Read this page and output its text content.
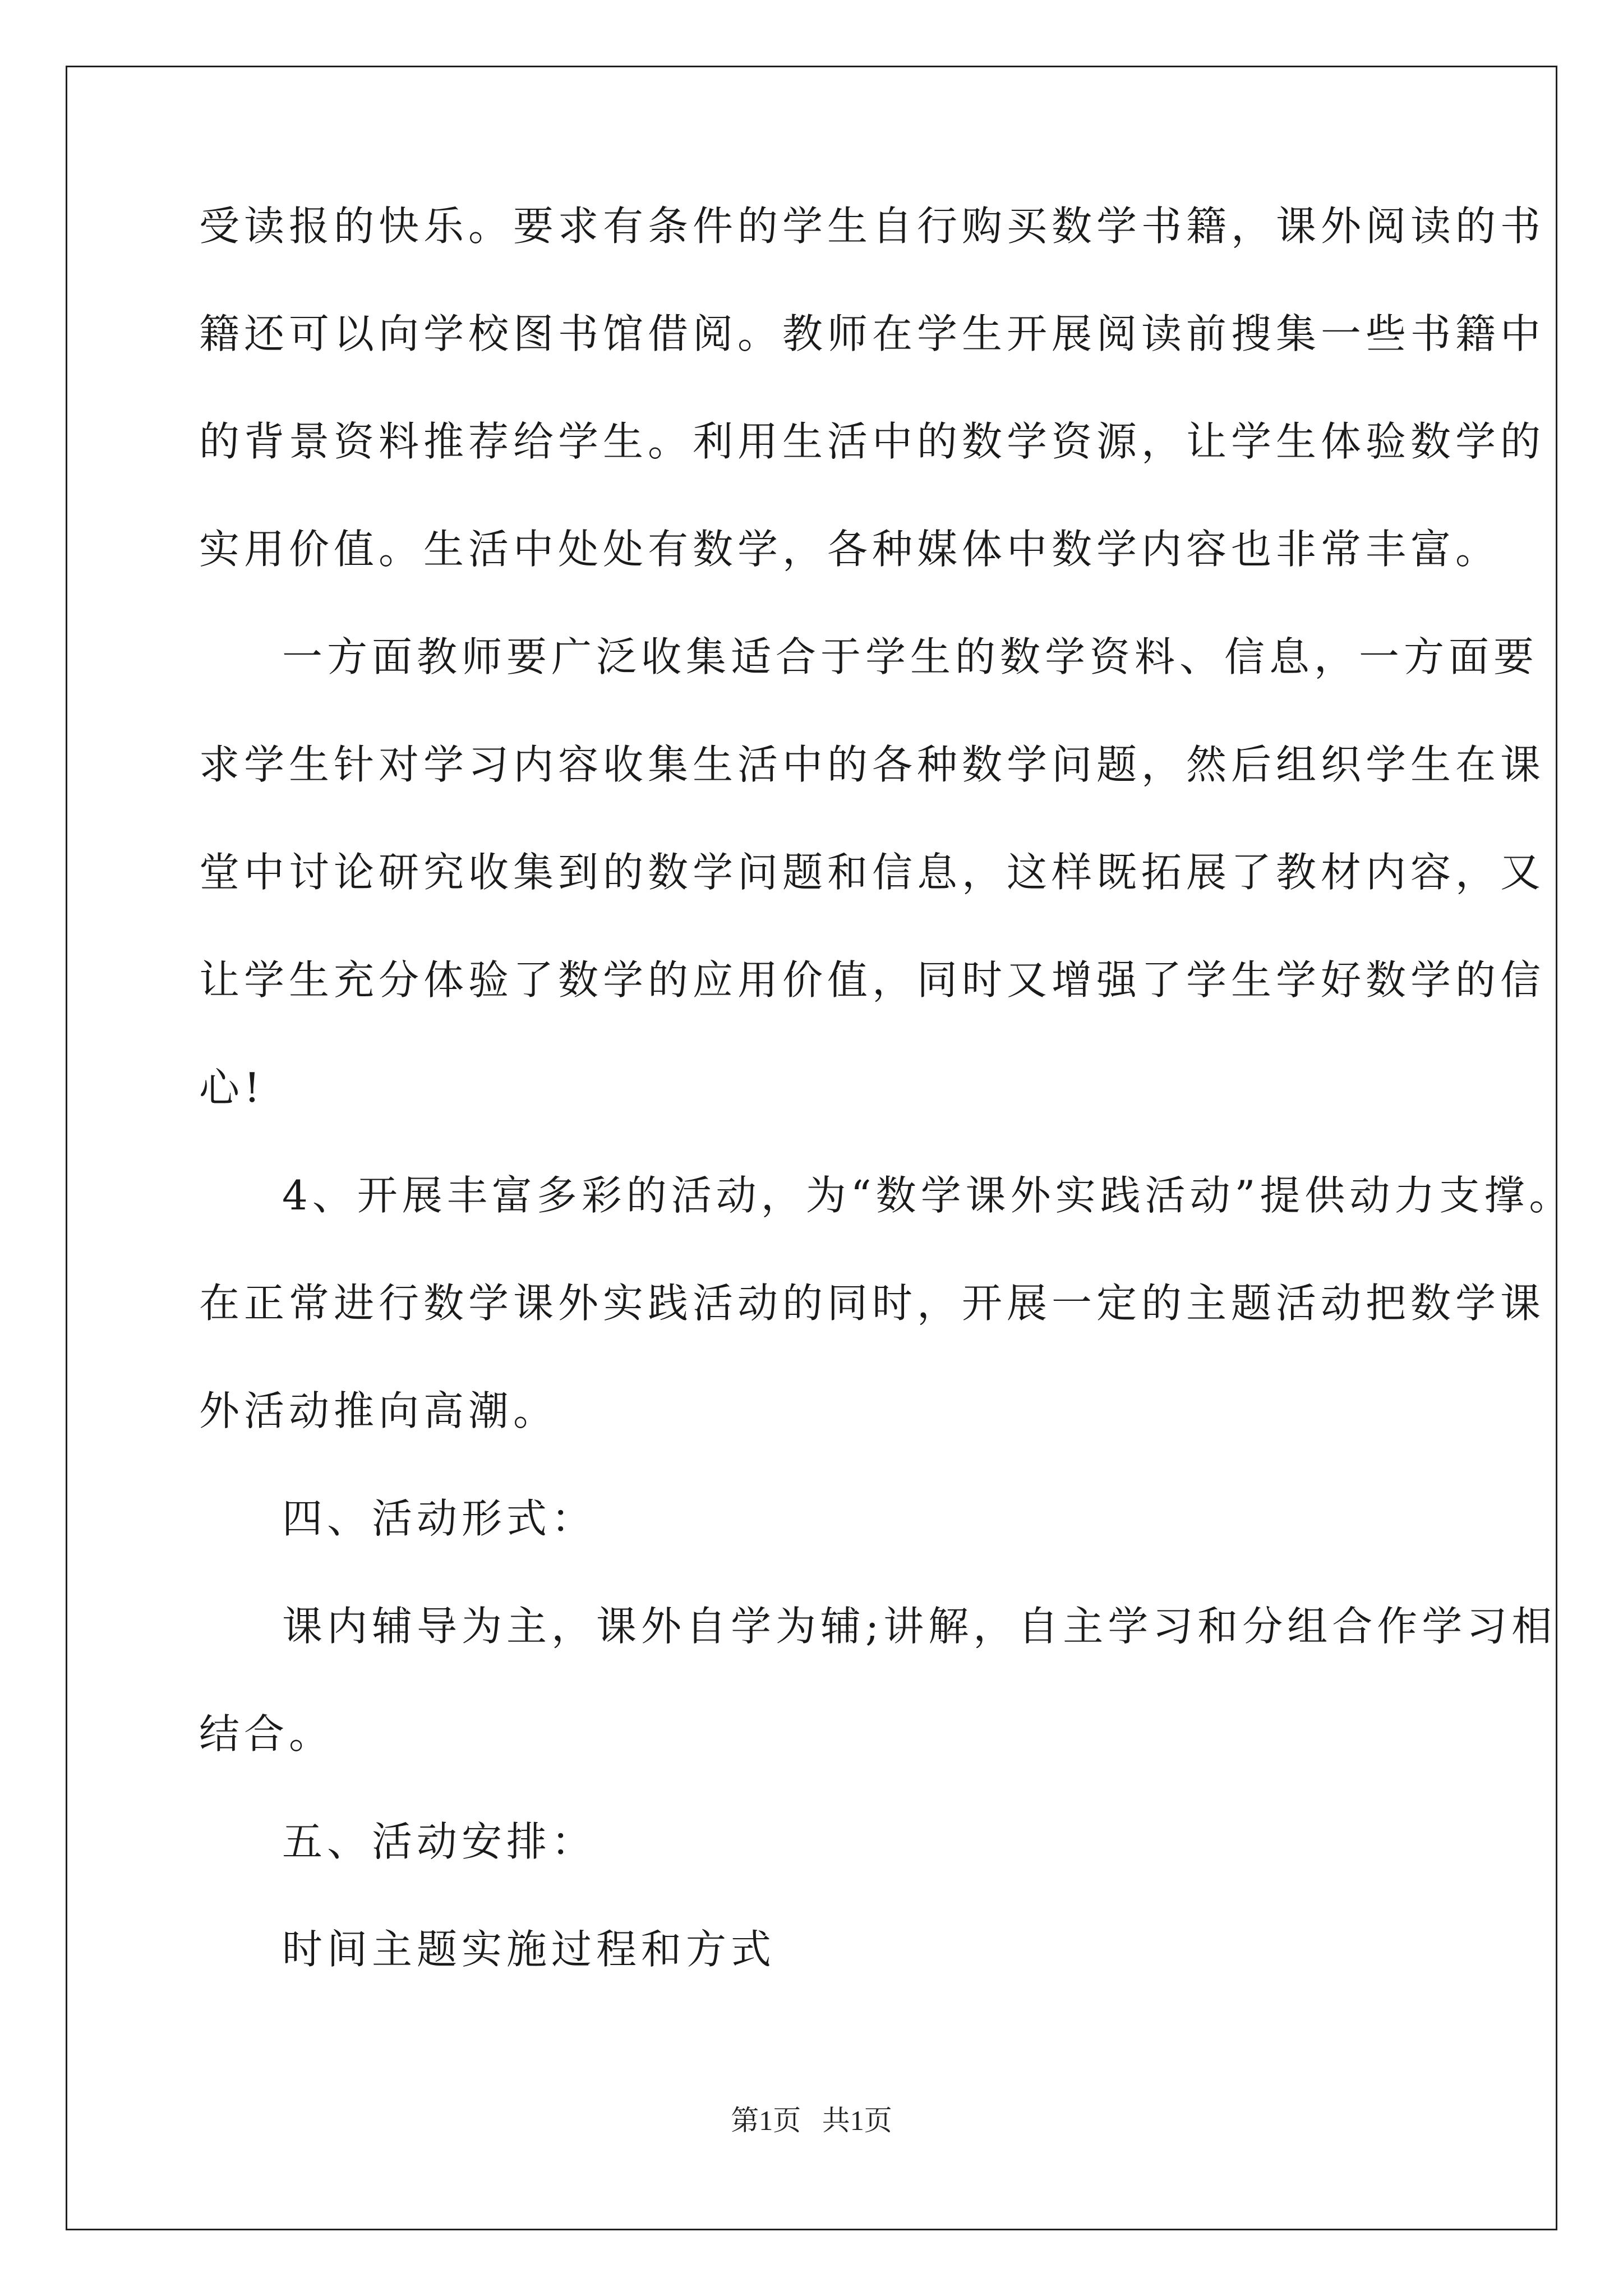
受读报的快乐。要求有条件的学生自行购买数学书籍，课外阅读的书
籍还可以向学校图书馆借阅。教师在学生开展阅读前搜集一些书籍中
的背景资料推荐给学生。利用生活中的数学资源，让学生体验数学的
实用价值。生活中处处有数学，各种媒体中数学内容也非常丰富。
一方面教师要广泛收集适合于学生的数学资料、信息，一方面要
求学生针对学习内容收集生活中的各种数学问题，然后组织学生在课
堂中讨论研究收集到的数学问题和信息，这样既拓展了教材内容，又
让学生充分体验了数学的应用价值，同时又增强了学生学好数学的信
心!
4、开展丰富多彩的活动，为“数学课外实践活动”提供动力支撑。
在正常进行数学课外实践活动的同时，开展一定的主题活动把数学课
外活动推向高潮。
四、活动形式：
课内辅导为主，课外自学为辅;讲解，自主学习和分组合作学习相
结合。
五、活动安排：
时间主题实施过程和方式
第1页   共1页
